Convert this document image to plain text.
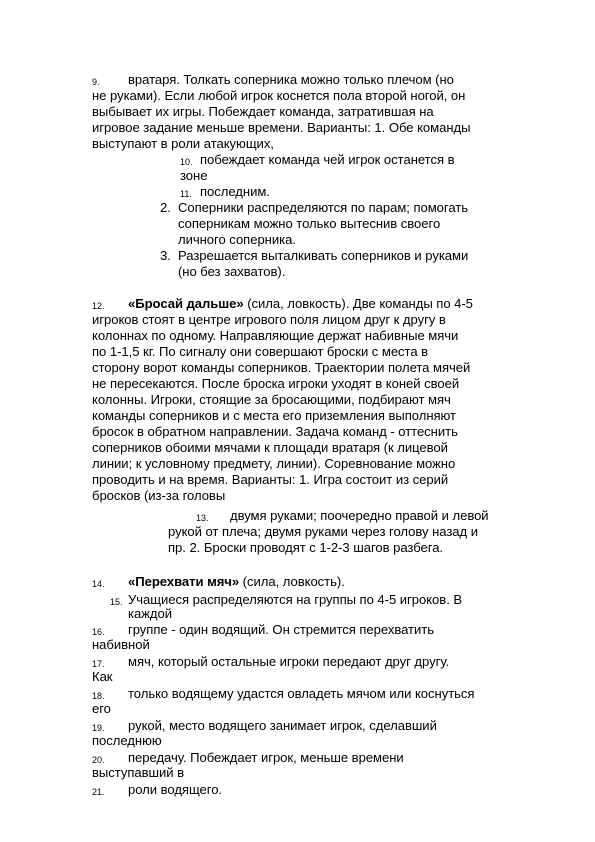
9. вратаря. Толкать соперника можно только плечом (но
не руками). Если любой игрок коснется пола второй ногой, он
выбывает их игры. Побеждает команда, затратившая на
игровое задание меньше времени. Варианты: 1. Обе команды
выступают в роли атакующих,
10. побеждает команда чей игрок останется в
зоне
11. последним.
2. Соперники распределяются по парам; помогать
соперникам можно только вытеснив своего
личного соперника.
3. Разрешается выталкивать соперников и руками
(но без захватов).
12. «Бросай дальше» (сила, ловкость). Две команды по 4-5
игроков стоят в центре игрового поля лицом друг к другу в
колоннах по одному. Направляющие держат набивные мячи
по 1-1,5 кг. По сигналу они совершают броски с места в
сторону ворот команды соперников. Траектории полета мячей
не пересекаются. После броска игроки уходят в коней своей
колонны. Игроки, стоящие за бросающими, подбирают мяч
команды соперников и с места его приземления выполняют
бросок в обратном направлении. Задача команд - оттеснить
соперников обоими мячами к площади вратаря (к лицевой
линии; к условному предмету, линии). Соревнование можно
проводить и на время. Варианты: 1. Игра состоит из серий
бросков (из-за головы
13. двумя руками; поочередно правой и левой
рукой от плеча; двумя руками через голову назад и
пр. 2. Броски проводят с 1-2-3 шагов разбега.
14. «Перехвати мяч» (сила, ловкость).
15. Учащиеся распределяются на группы по 4-5 игроков. В
каждой
16. группе - один водящий. Он стремится перехватить
набивной
17. мяч, который остальные игроки передают друг другу.
Как
18. только водящему удастся овладеть мячом или коснуться
его
19. рукой, место водящего занимает игрок, сделавший
последнюю
20. передачу. Побеждает игрок, меньше времени
выступавший в
21. роли водящего.
